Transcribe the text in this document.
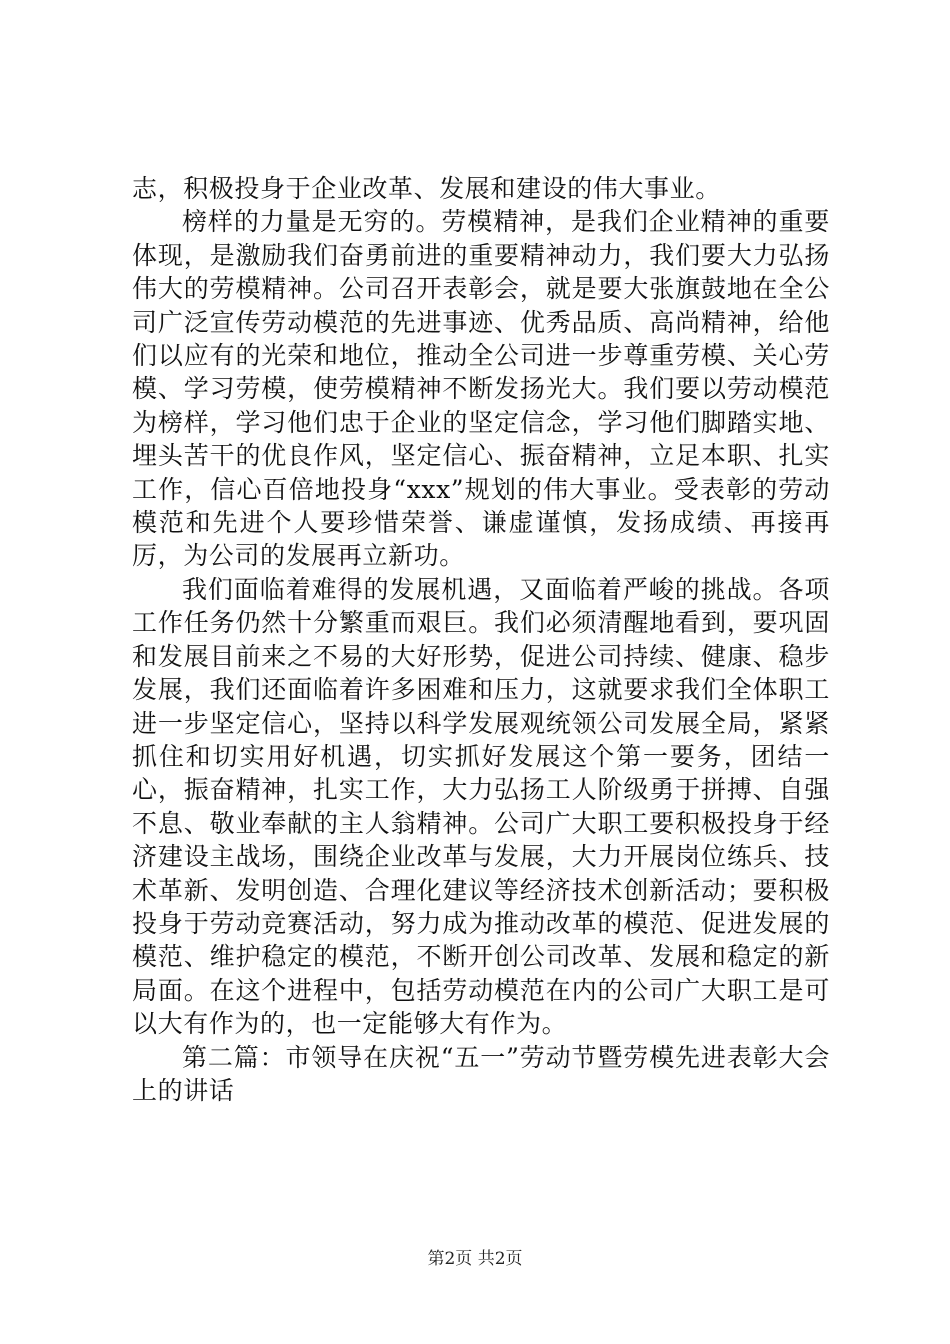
志，积极投身于企业改革、发展和建设的伟大事业。

榜样的力量是无穷的。劳模精神，是我们企业精神的重要体现，是激励我们奋勇前进的重要精神动力，我们要大力弘扬伟大的劳模精神。公司召开表彰会，就是要大张旗鼓地在全公司广泛宣传劳动模范的先进事迹、优秀品质、高尚精神，给他们以应有的光荣和地位，推动全公司进一步尊重劳模、关心劳模、学习劳模，使劳模精神不断发扬光大。我们要以劳动模范为榜样，学习他们忠于企业的坚定信念，学习他们脚踏实地、埋头苦干的优良作风，坚定信心、振奋精神，立足本职、扎实工作，信心百倍地投身“xxx”规划的伟大事业。受表彰的劳动模范和先进个人要珍惜荣誉、谦虚谨慎，发扬成绩、再接再厉，为公司的发展再立新功。

我们面临着难得的发展机遇，又面临着严峻的挑战。各项工作任务仍然十分繁重而艰巨。我们必须清醒地看到，要巩固和发展目前来之不易的大好形势，促进公司持续、健康、稳步发展，我们还面临着许多困难和压力，这就要求我们全体职工进一步坚定信心，坚持以科学发展观统领公司发展全局，紧紧抓住和切实用好机遇，切实抓好发展这个第一要务，团结一心，振奋精神，扎实工作，大力弘扬工人阶级勇于拼搏、自强不息、敬业奉献的主人翁精神。公司广大职工要积极投身于经济建设主战场，围绕企业改革与发展，大力开展岗位练兵、技术革新、发明创造、合理化建议等经济技术创新活动；要积极投身于劳动竞赛活动，努力成为推动改革的模范、促进发展的模范、维护稳定的模范，不断开创公司改革、发展和稳定的新局面。在这个进程中，包括劳动模范在内的公司广大职工是可以大有作为的，也一定能够大有作为。

第二篇：市领导在庆祝“五一”劳动节暨劳模先进表彰大会上的讲话

第2页 共2页
